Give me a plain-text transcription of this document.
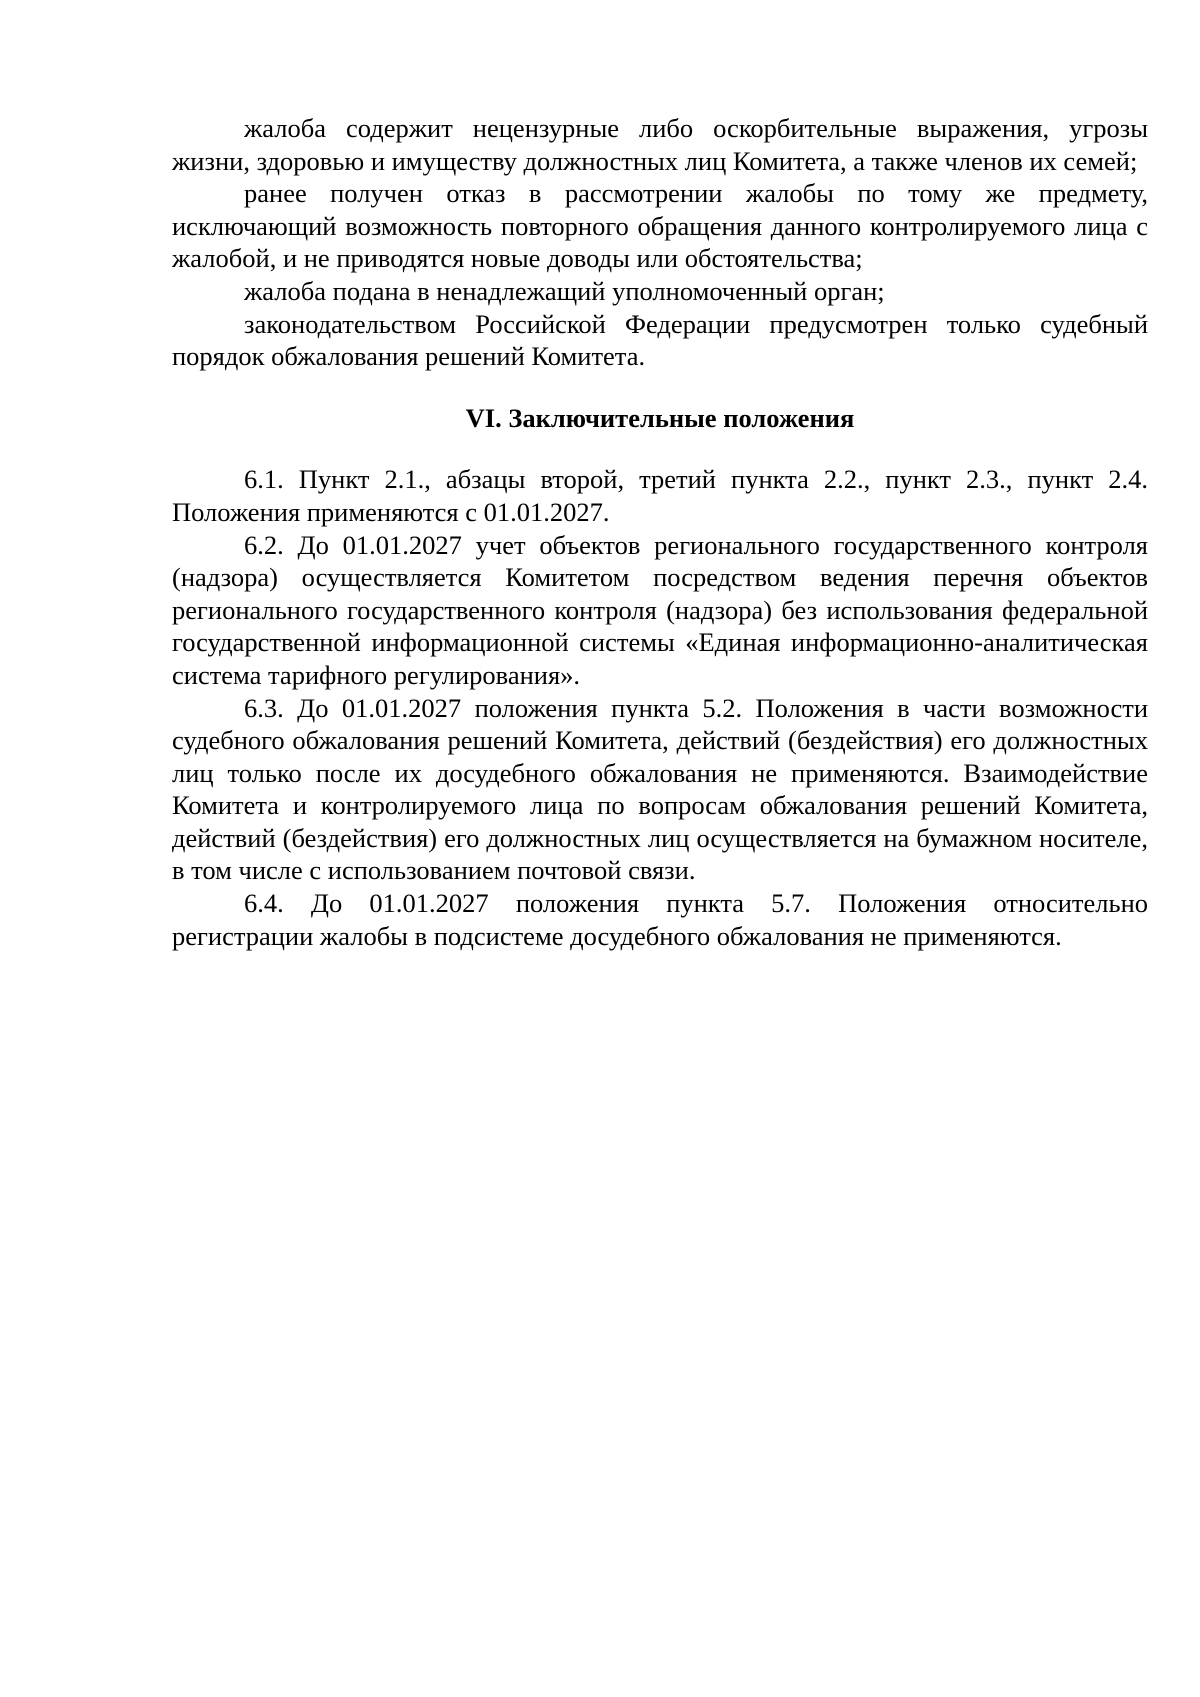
жалоба содержит нецензурные либо оскорбительные выражения, угрозы жизни, здоровью и имуществу должностных лиц Комитета, а также членов их семей;

ранее получен отказ в рассмотрении жалобы по тому же предмету, исключающий возможность повторного обращения данного контролируемого лица с жалобой, и не приводятся новые доводы или обстоятельства;

жалоба подана в ненадлежащий уполномоченный орган;

законодательством Российской Федерации предусмотрен только судебный порядок обжалования решений Комитета.

VI. Заключительные положения

6.1. Пункт 2.1., абзацы второй, третий пункта 2.2., пункт 2.3., пункт 2.4. Положения применяются с 01.01.2027.

6.2. До 01.01.2027 учет объектов регионального государственного контроля (надзора) осуществляется Комитетом посредством ведения перечня объектов регионального государственного контроля (надзора) без использования федеральной государственной информационной системы «Единая информационно-аналитическая система тарифного регулирования».

6.3. До 01.01.2027 положения пункта 5.2. Положения в части возможности судебного обжалования решений Комитета, действий (бездействия) его должностных лиц только после их досудебного обжалования не применяются. Взаимодействие Комитета и контролируемого лица по вопросам обжалования решений Комитета, действий (бездействия) его должностных лиц осуществляется на бумажном носителе, в том числе с использованием почтовой связи.

6.4. До 01.01.2027 положения пункта 5.7. Положения относительно регистрации жалобы в подсистеме досудебного обжалования не применяются.
